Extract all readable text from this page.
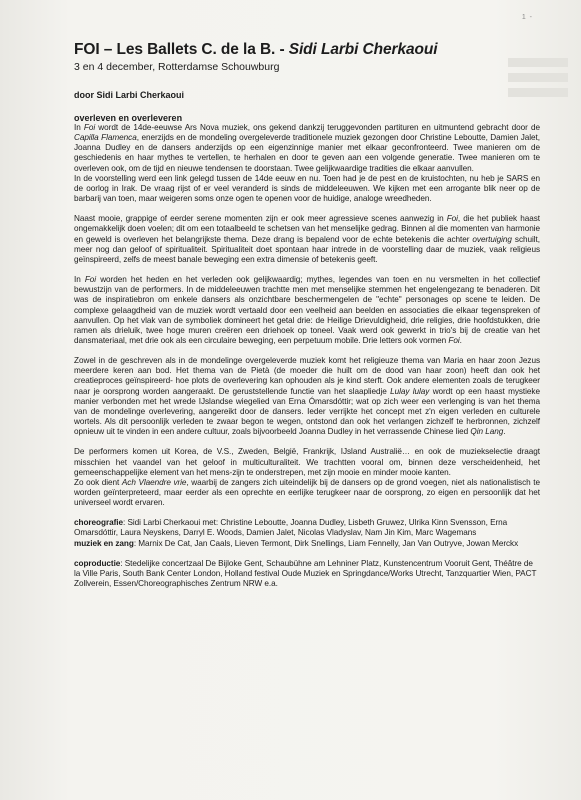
1 -
FOI – Les Ballets C. de la B. - Sidi Larbi Cherkaoui
3 en 4 december, Rotterdamse Schouwburg
door Sidi Larbi Cherkaoui
overleven en overleveren

In Foi wordt de 14de-eeuwse Ars Nova muziek, ons gekend dankzij teruggevonden partituren en uitmuntend gebracht door de Capilla Flamenca, enerzijds en de mondeling overgeleverde traditionele muziek gezongen door Christine Leboutte, Damien Jalet, Joanna Dudley en de dansers anderzijds op een eigenzinnige manier met elkaar geconfronteerd. Twee manieren om de geschiedenis en haar mythes te vertellen, te herhalen en door te geven aan een volgende generatie. Twee manieren om te overleven ook, om de tijd en nieuwe tendensen te doorstaan. Twee gelijkwaardige tradities die elkaar aanvullen.

In de voorstelling werd een link gelegd tussen de 14de eeuw en nu. Toen had je de pest en de kruistochten, nu heb je SARS en de oorlog in Irak. De vraag rijst of er veel veranderd is sinds de middeleeuwen. We kijken met een arrogante blik neer op de barbarij van toen, maar weigeren soms onze ogen te openen voor de huidige, analoge wreedheden.

Naast mooie, grappige of eerder serene momenten zijn er ook meer agressieve scenes aanwezig in Foi, die het publiek haast ongemakkelijk doen voelen; dit om een totaalbeeld te schetsen van het menselijke gedrag. Binnen al die momenten van harmonie en geweld is overleven het belangrijkste thema. Deze drang is bepalend voor de echte betekenis die achter overtuiging schuilt, meer nog dan geloof of spiritualiteit. Spiritualiteit doet spontaan haar intrede in de voorstelling daar de muziek, vaak religieus geïnspireerd, zelfs de meest banale beweging een extra dimensie of betekenis geeft.

In Foi worden het heden en het verleden ook gelijkwaardig; mythes, legendes van toen en nu versmelten in het collectief bewustzijn van de performers. In de middeleeuwen trachtte men met menselijke stemmen het engelengezang te benaderen. Dit was de inspiratiebron om enkele dansers als onzichtbare beschermengelen de "echte" personages op scene te leiden. De complexe gelaagdheid van de muziek wordt vertaald door een veelheid aan beelden en associaties die elkaar tegenspreken of aanvullen. Op het vlak van de symboliek domineert het getal drie: de Heilige Drievuldigheid, drie religies, drie hoofdstukken, drie ramen als drieluik, twee hoge muren creëren een driehoek op toneel. Vaak werd ook gewerkt in trio's bij de creatie van het dansmateriaal, met drie ook als een circulaire beweging, een perpetuum mobile. Drie letters ook vormen Foi.

Zowel in de geschreven als in de mondelinge overgeleverde muziek komt het religieuze thema van Maria en haar zoon Jezus meerdere keren aan bod. Het thema van de Pietà (de moeder die huilt om de dood van haar zoon) heeft dan ook het creatieproces geïnspireerd- hoe plots de overlevering kan ophouden als je kind sterft. Ook andere elementen zoals de terugkeer naar je oorsprong worden aangeraakt. De geruststellende functie van het slaapliedje Lulay lulay wordt op een haast mystieke manier verbonden met het wrede IJslandse wiegelied van Erna Ómarsdóttir; wat op zich weer een verlenging is van het thema van de mondelinge overlevering, aangereikt door de dansers. Ieder verrijkte het concept met z'n eigen verleden en culturele wortels. Als dit persoonlijk verleden te zwaar begon te wegen, ontstond dan ook het verlangen zichzelf te herbronnen, zichzelf opnieuw uit te vinden in een andere cultuur, zoals bijvoorbeeld Joanna Dudley in het verrassende Chinese lied Qin Lang.

De performers komen uit Korea, de V.S., Zweden, België, Frankrijk, IJsland Australië… en ook de muziekselectie draagt misschien het vaandel van het geloof in multiculturaliteit. We trachtten vooral om, binnen deze verscheidenheid, het gemeenschappelijke element van het mens-zijn te onderstrepen, met zijn mooie en minder mooie kanten.

Zo ook dient Ach Vlaendre vrie, waarbij de zangers zich uiteindelijk bij de dansers op de grond voegen, niet als nationalistisch te worden geïnterpreteerd, maar eerder als een oprechte en eerlijke terugkeer naar de oorsprong, zo eigen en persoonlijk dat het universeel wordt ervaren.

choreografie: Sidi Larbi Cherkaoui met: Christine Leboutte, Joanna Dudley, Lisbeth Gruwez, Ulrika Kinn Svensson, Erna Omarsdóttir, Laura Neyskens, Darryl E. Woods, Damien Jalet, Nicolas Vladyslav, Nam Jin Kim, Marc Wagemans

muziek en zang: Marnix De Cat, Jan Caals, Lieven Termont, Dirk Snellings, Liam Fennelly, Jan Van Outryve, Jowan Merckx

coproductie: Stedelijke concertzaal De Bijloke Gent, Schaubühne am Lehniner Platz, Kunstencentrum Vooruit Gent, Théâtre de la Ville Paris, South Bank Center London, Holland festival Oude Muziek en Springdance/Works Utrecht, Tanzquartier Wien, PACT Zollverein, Essen/Choreographisches Zentrum NRW e.a.
